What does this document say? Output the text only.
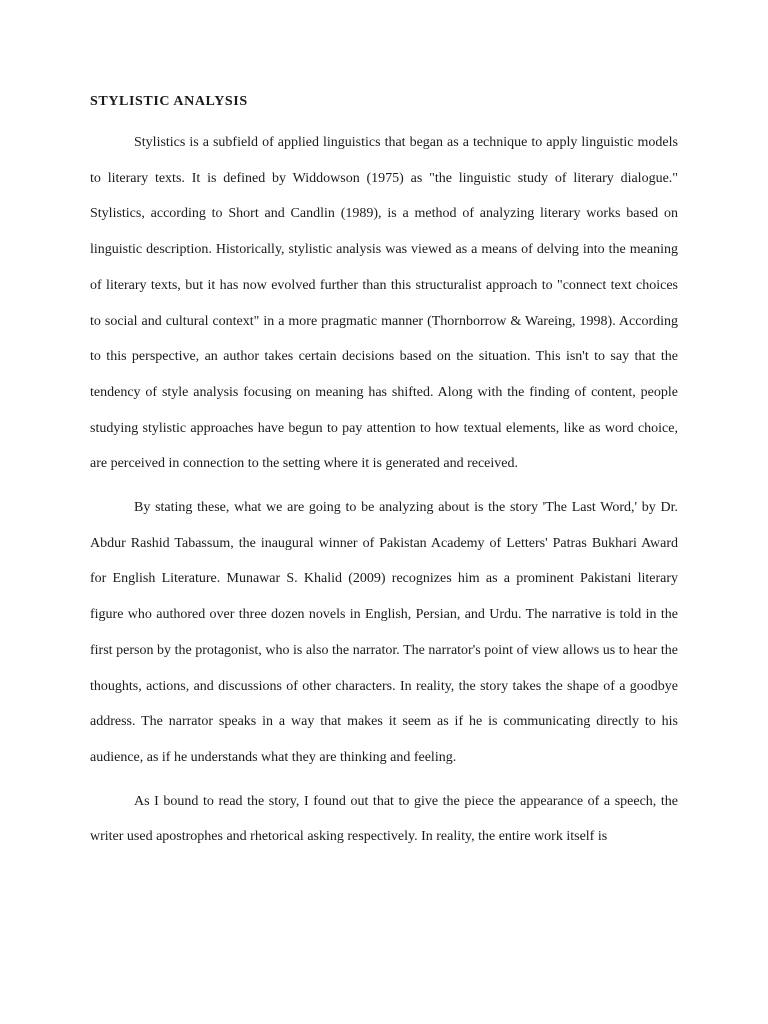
STYLISTIC ANALYSIS

Stylistics is a subfield of applied linguistics that began as a technique to apply linguistic models to literary texts. It is defined by Widdowson (1975) as "the linguistic study of literary dialogue." Stylistics, according to Short and Candlin (1989), is a method of analyzing literary works based on linguistic description. Historically, stylistic analysis was viewed as a means of delving into the meaning of literary texts, but it has now evolved further than this structuralist approach to "connect text choices to social and cultural context" in a more pragmatic manner (Thornborrow & Wareing, 1998). According to this perspective, an author takes certain decisions based on the situation. This isn't to say that the tendency of style analysis focusing on meaning has shifted. Along with the finding of content, people studying stylistic approaches have begun to pay attention to how textual elements, like as word choice, are perceived in connection to the setting where it is generated and received.

By stating these, what we are going to be analyzing about is the story 'The Last Word,' by Dr. Abdur Rashid Tabassum, the inaugural winner of Pakistan Academy of Letters' Patras Bukhari Award for English Literature. Munawar S. Khalid (2009) recognizes him as a prominent Pakistani literary figure who authored over three dozen novels in English, Persian, and Urdu. The narrative is told in the first person by the protagonist, who is also the narrator. The narrator's point of view allows us to hear the thoughts, actions, and discussions of other characters. In reality, the story takes the shape of a goodbye address. The narrator speaks in a way that makes it seem as if he is communicating directly to his audience, as if he understands what they are thinking and feeling.

As I bound to read the story, I found out that to give the piece the appearance of a speech, the writer used apostrophes and rhetorical asking respectively. In reality, the entire work itself is
